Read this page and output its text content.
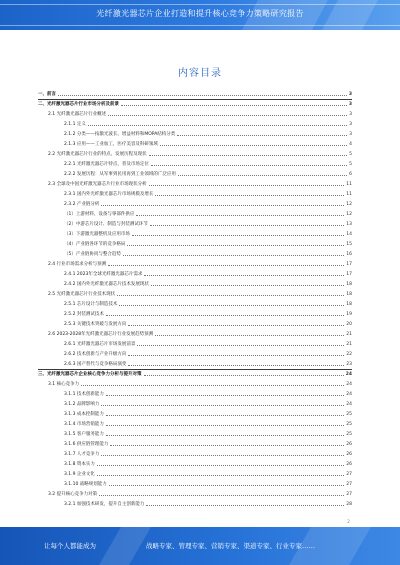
光纤激光器芯片企业打造和提升核心竞争力策略研究报告
内容目录
一、前言	3
二、光纤激光器芯片行业市场分析及前景	3
2.1 光纤激光器芯片行业概述	3
2.1.1 定义	3
2.1.2 分类——按激光波长、增益材料和MOPA结构分类	3
2.1.3 应用——工业加工、医疗美容及科研领域	4
2.2 光纤激光器芯片行业的特点、发展历程及现状	5
2.2.1 光纤激光器芯片特点、普及市场定位	5
2.2.2 发展历程：从军事到民用再到工业领域的广泛应用	6
2.3 全球及中国光纤激光器芯片行业市场现状分析	11
2.3.1 国内外光纤激光器芯片市场规模及增长	11
2.3.2 产业链分析	12
（1）上游材料、设备与零部件供应	12
（2）中游芯片设计、制造与封装测试环节	13
（3）下游激光器整机及应用市场	14
（4）产业链各环节的竞争格局	15
（5）产业链协同与整合趋势	16
2.4 行业市场需求分析与预测	17
2.4.1 2023年全球光纤激光器芯片需求	17
2.4.2 国内外光纤激光器芯片技术发展现状	18
2.5 光纤激光器芯片行业技术现状	18
2.5.1 芯片设计与制造技术	18
2.5.2 封装测试技术	19
2.5.3 关键技术突破与发展方向	20
2.6 2023-2028年光纤激光器芯片行业发展趋势预测	21
2.6.1 光纤激光器芯片市场发展前景	21
2.6.2 技术创新与产业升级方向	22
2.6.3 国产替代与竞争格局演变	23
三、光纤激光器芯片企业核心竞争力分析与提升对策	24
3.1 核心竞争力	24
3.1.1 技术创新能力	24
3.1.2 品牌影响力	24
3.1.3 成本控制能力	25
3.1.4 市场营销能力	25
3.1.5 客户服务能力	25
3.1.6 供应链管理能力	26
3.1.7 人才竞争力	26
3.1.8 资本实力	26
3.1.9 企业文化	27
3.1.10 战略规划能力	27
3.2 提升核心竞争力对策	27
3.2.1 加强技术研发，提升自主创新能力	28
2
让每个人都能成为	战略专家、管理专家、营销专家、渠道专家、行业专家……
